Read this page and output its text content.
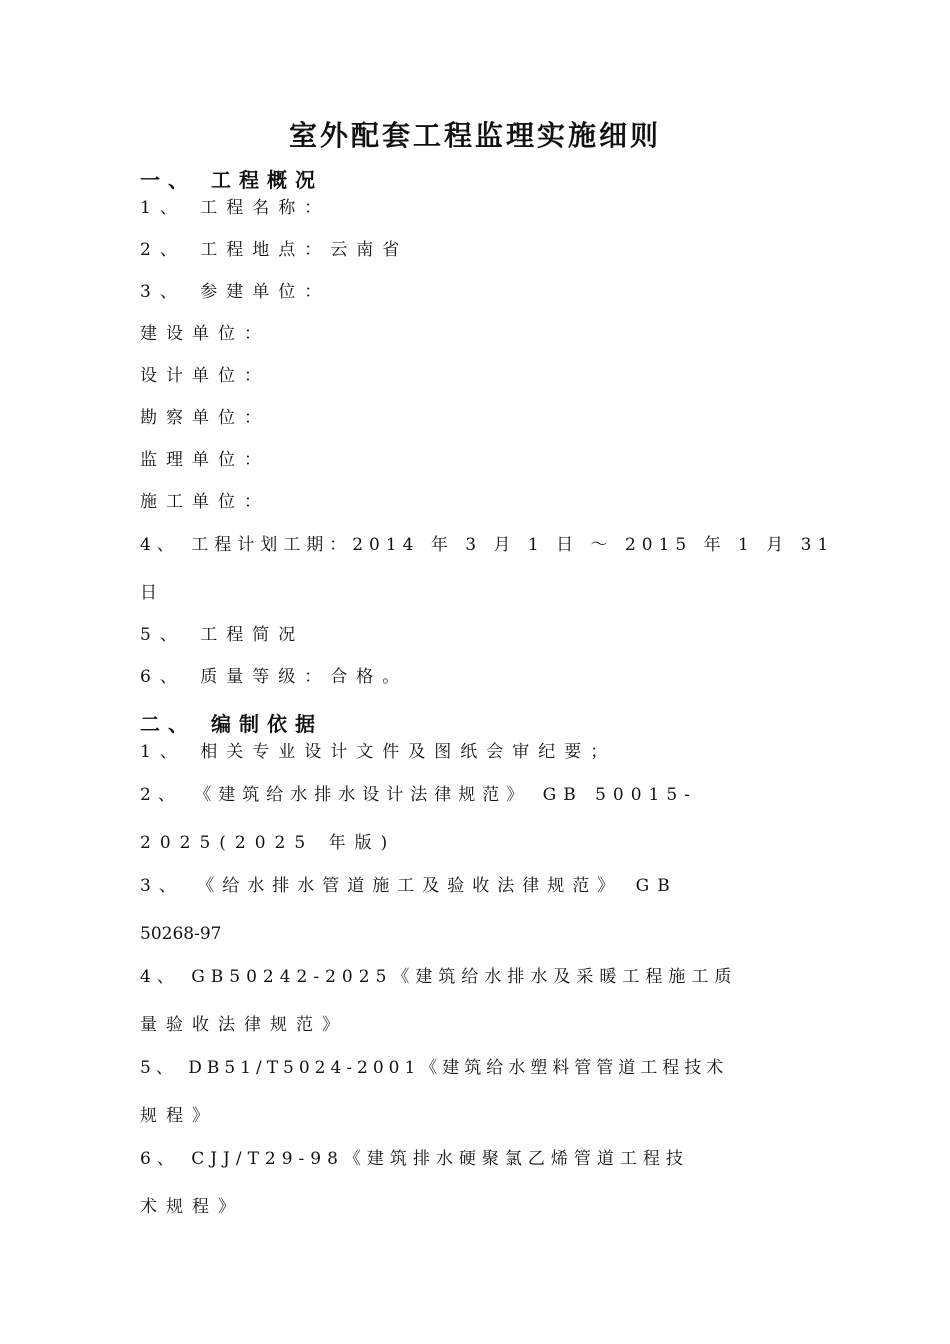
室外配套工程监理实施细则
一、 工程概况
1、 工程名称：
2、 工程地点：云南省
3、 参建单位：
建设单位：
设计单位：
勘察单位：
监理单位：
施工单位：
4、 工程计划工期：2014 年 3 月 1 日 ～ 2015 年 1 月 31
日
5、 工程简况
6、 质量等级：合格。
二、 编制依据
1、 相关专业设计文件及图纸会审纪要；
2、 《建筑给水排水设计法律规范》 GB 50015-
2025(2025 年版)
3、 《给水排水管道施工及验收法律规范》 GB
50268-97
4、 GB50242-2025《建筑给水排水及采暖工程施工质
量验收法律规范》
5、 DB51/T5024-2001《建筑给水塑料管管道工程技术
规程》
6、 CJJ/T29-98《建筑排水硬聚氯乙烯管道工程技
术规程》
